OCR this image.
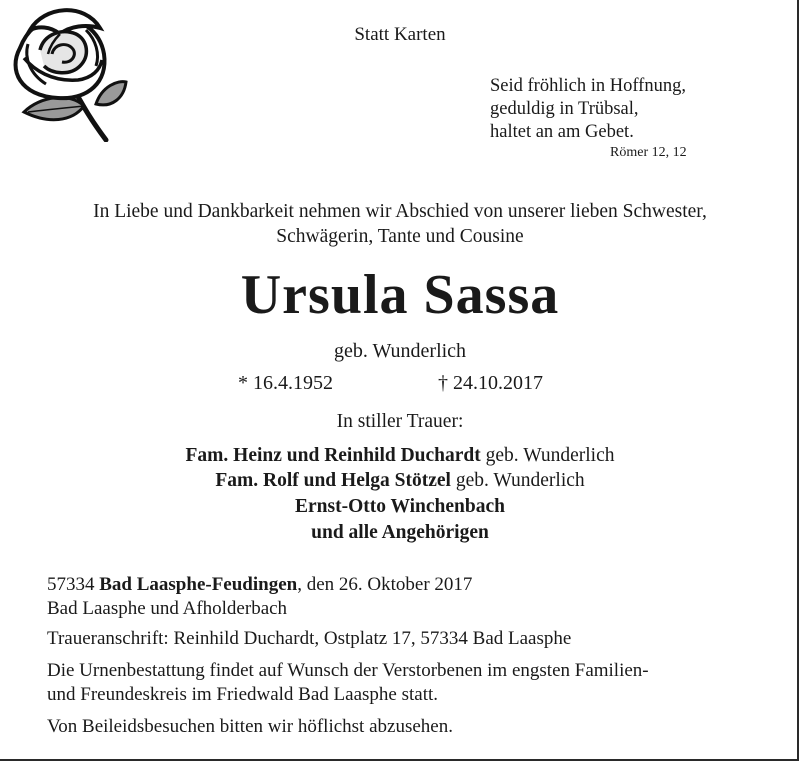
Statt Karten
Seid fröhlich in Hoffnung,
geduldig in Trübsal,
haltet an am Gebet.
Römer 12, 12
In Liebe und Dankbarkeit nehmen wir Abschied von unserer lieben Schwester,
Schwägerin, Tante und Cousine
Ursula Sassa
geb. Wunderlich
* 16.4.1952	† 24.10.2017
In stiller Trauer:
Fam. Heinz und Reinhild Duchardt geb. Wunderlich
Fam. Rolf und Helga Stötzel geb. Wunderlich
Ernst-Otto Winchenbach
und alle Angehörigen
57334 Bad Laasphe-Feudingen, den 26. Oktober 2017
Bad Laasphe und Afholderbach
Traueranschrift: Reinhild Duchardt, Ostplatz 17, 57334 Bad Laasphe
Die Urnenbestattung findet auf Wunsch der Verstorbenen im engsten Familien-
und Freundeskreis im Friedwald Bad Laasphe statt.
Von Beileidsbesuchen bitten wir höflichst abzusehen.
